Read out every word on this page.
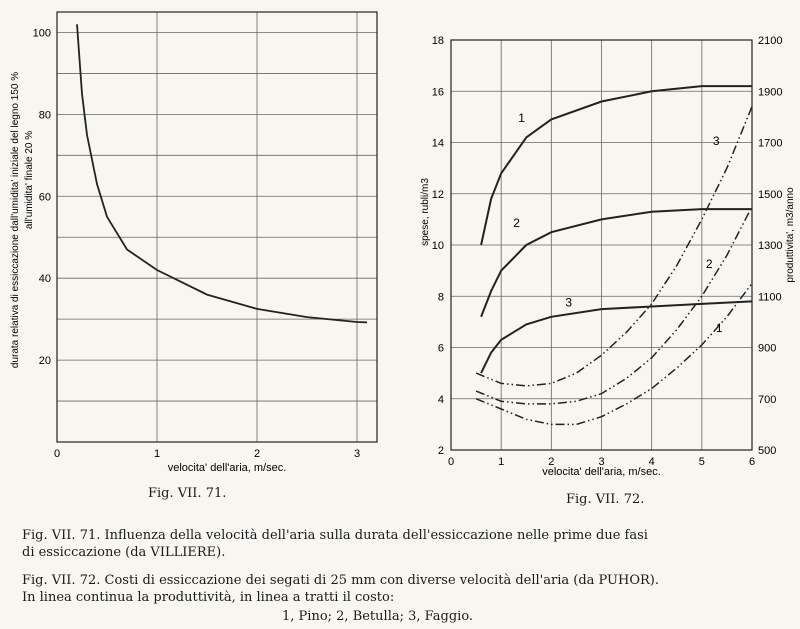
0	1	2	3
20
40
60
80
100
velocita' dell'aria, m/sec.
durata relativa di essiccazione dall'umidita' iniziale del legno 150 % all'umidita' finale 20 %
0	1	2	3	4	5	6
2
4
6
8
10
12
14
16
18
500
700
900
1100
1300
1500
1700
1900
2100
1
2
3
1
2
3
velocita' dell'aria, m/sec.
spese, rubli/m3	produttivita', m3/anno
Fig. VII. 71.	Fig. VII. 72.
Fig. VII. 71. Influenza della velocità dell'aria sulla durata dell'essiccazione nelle prime due fasi
di essiccazione (da VILLIERE).
Fig. VII. 72. Costi di essiccazione dei segati di 25 mm con diverse velocità dell'aria (da PUHOR).
In linea continua la produttività, in linea a tratti il costo:
1, Pino; 2, Betulla; 3, Faggio.
